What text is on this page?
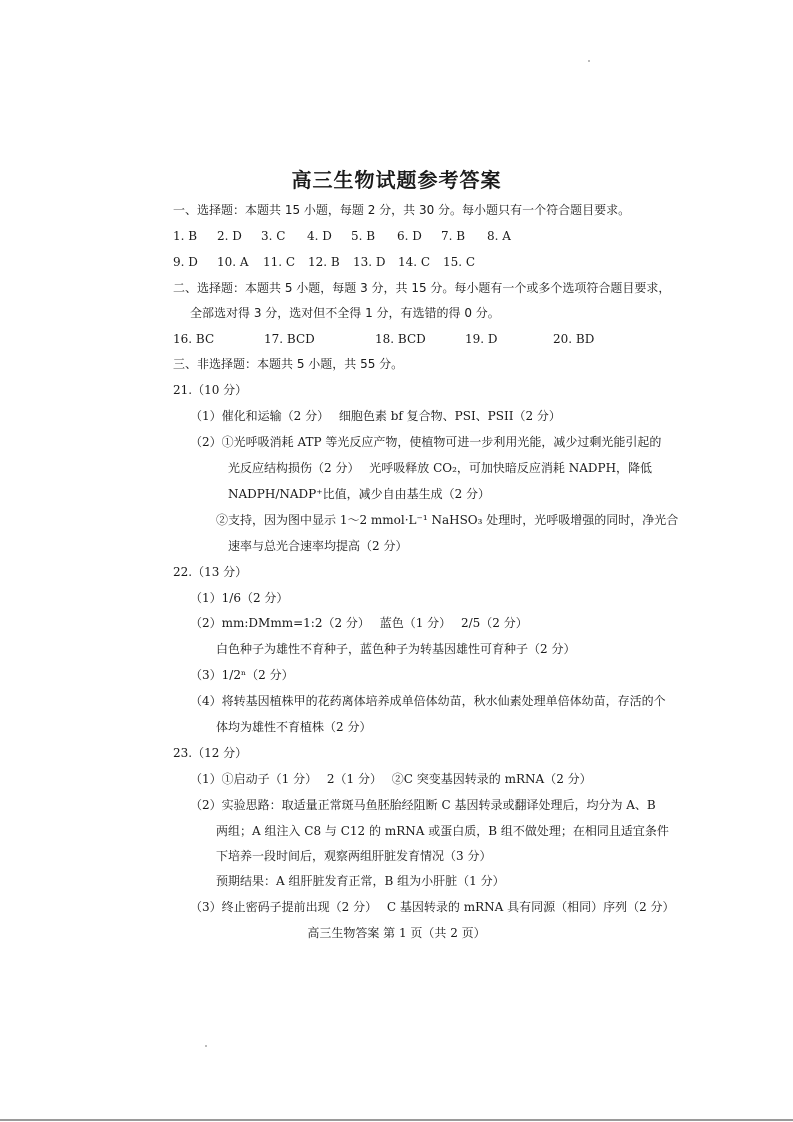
高三生物试题参考答案
一、选择题：本题共 15 小题，每题 2 分，共 30 分。每小题只有一个符合题目要求。
1. B 2. D 3. C 4. D 5. B 6. D 7. B 8. A
9. D 10. A 11. C 12. B 13. D 14. C 15. C
二、选择题：本题共 5 小题，每题 3 分，共 15 分。每小题有一个或多个选项符合题目要求，
全部选对得 3 分，选对但不全得 1 分，有选错的得 0 分。
16. BC	17. BCD	18. BCD	19. D	20. BD
三、非选择题：本题共 5 小题，共 55 分。
21.（10 分）
（1）催化和运输（2 分）　 细胞色素 bf 复合物、PSI、PSII（2 分）
（2）①光呼吸消耗 ATP 等光反应产物，使植物可进一步利用光能，减少过剩光能引起的
光反应结构损伤（2 分）　 光呼吸释放 CO₂，可加快暗反应消耗 NADPH，降低
NADPH/NADP⁺比值，减少自由基生成（2 分）
②支持，因为图中显示 1～2 mmol·L⁻¹ NaHSO₃ 处理时，光呼吸增强的同时，净光合
速率与总光合速率均提高（2 分）
22.（13 分）
（1）1/6（2 分）
（2）mm:DMmm=1:2（2 分）　 蓝色（1 分）　 2/5（2 分）
白色种子为雄性不育种子，蓝色种子为转基因雄性可育种子（2 分）
（3）1/2ⁿ（2 分）
（4）将转基因植株甲的花药离体培养成单倍体幼苗，秋水仙素处理单倍体幼苗，存活的个
体均为雄性不育植株（2 分）
23.（12 分）
（1）①启动子（1 分）　 2（1 分）　 ②C 突变基因转录的 mRNA（2 分）
（2）实验思路：取适量正常斑马鱼胚胎经阻断 C 基因转录或翻译处理后，均分为 A、B
两组；A 组注入 C8 与 C12 的 mRNA 或蛋白质，B 组不做处理；在相同且适宜条件
下培养一段时间后，观察两组肝脏发育情况（3 分）
预期结果：A 组肝脏发育正常，B 组为小肝脏（1 分）
（3）终止密码子提前出现（2 分）　 C 基因转录的 mRNA 具有同源（相同）序列（2 分）
高三生物答案 第 1 页（共 2 页）
